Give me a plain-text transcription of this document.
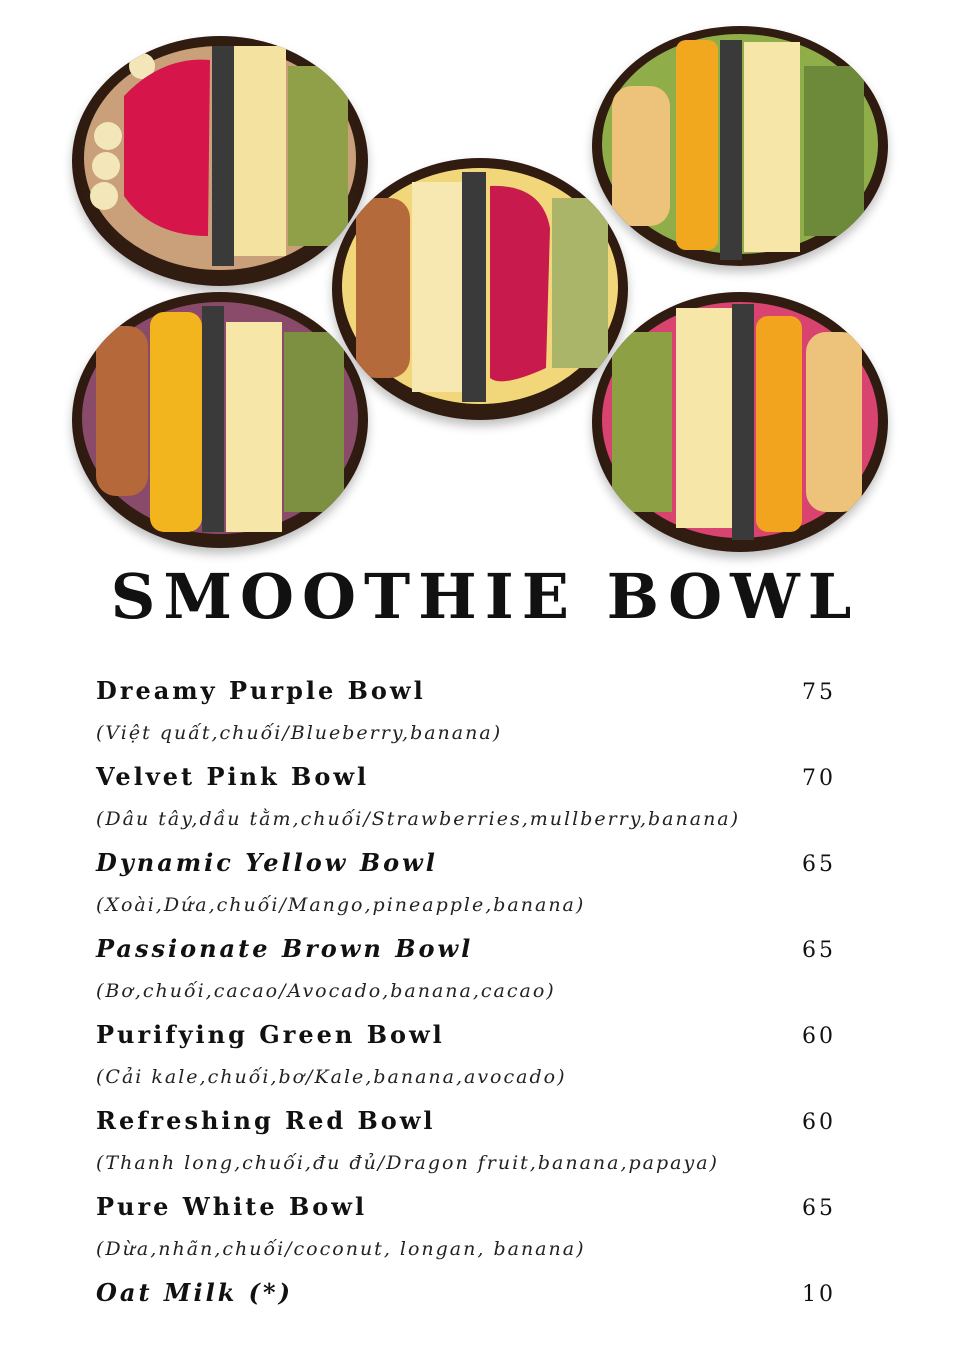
SMOOTHIE BOWL
Dreamy Purple Bowl	75
(Việt quất,chuối/Blueberry,banana)
Velvet Pink Bowl	70
(Dâu tây,dầu tằm,chuối/Strawberries,mullberry,banana)
Dynamic Yellow Bowl	65
(Xoài,Dứa,chuối/Mango,pineapple,banana)
Passionate Brown Bowl	65
(Bơ,chuối,cacao/Avocado,banana,cacao)
Purifying Green Bowl	60
(Cải kale,chuối,bơ/Kale,banana,avocado)
Refreshing Red Bowl	60
(Thanh long,chuối,đu đủ/Dragon fruit,banana,papaya)
Pure White Bowl	65
(Dừa,nhãn,chuối/coconut, longan, banana)
Oat Milk (*)	10
